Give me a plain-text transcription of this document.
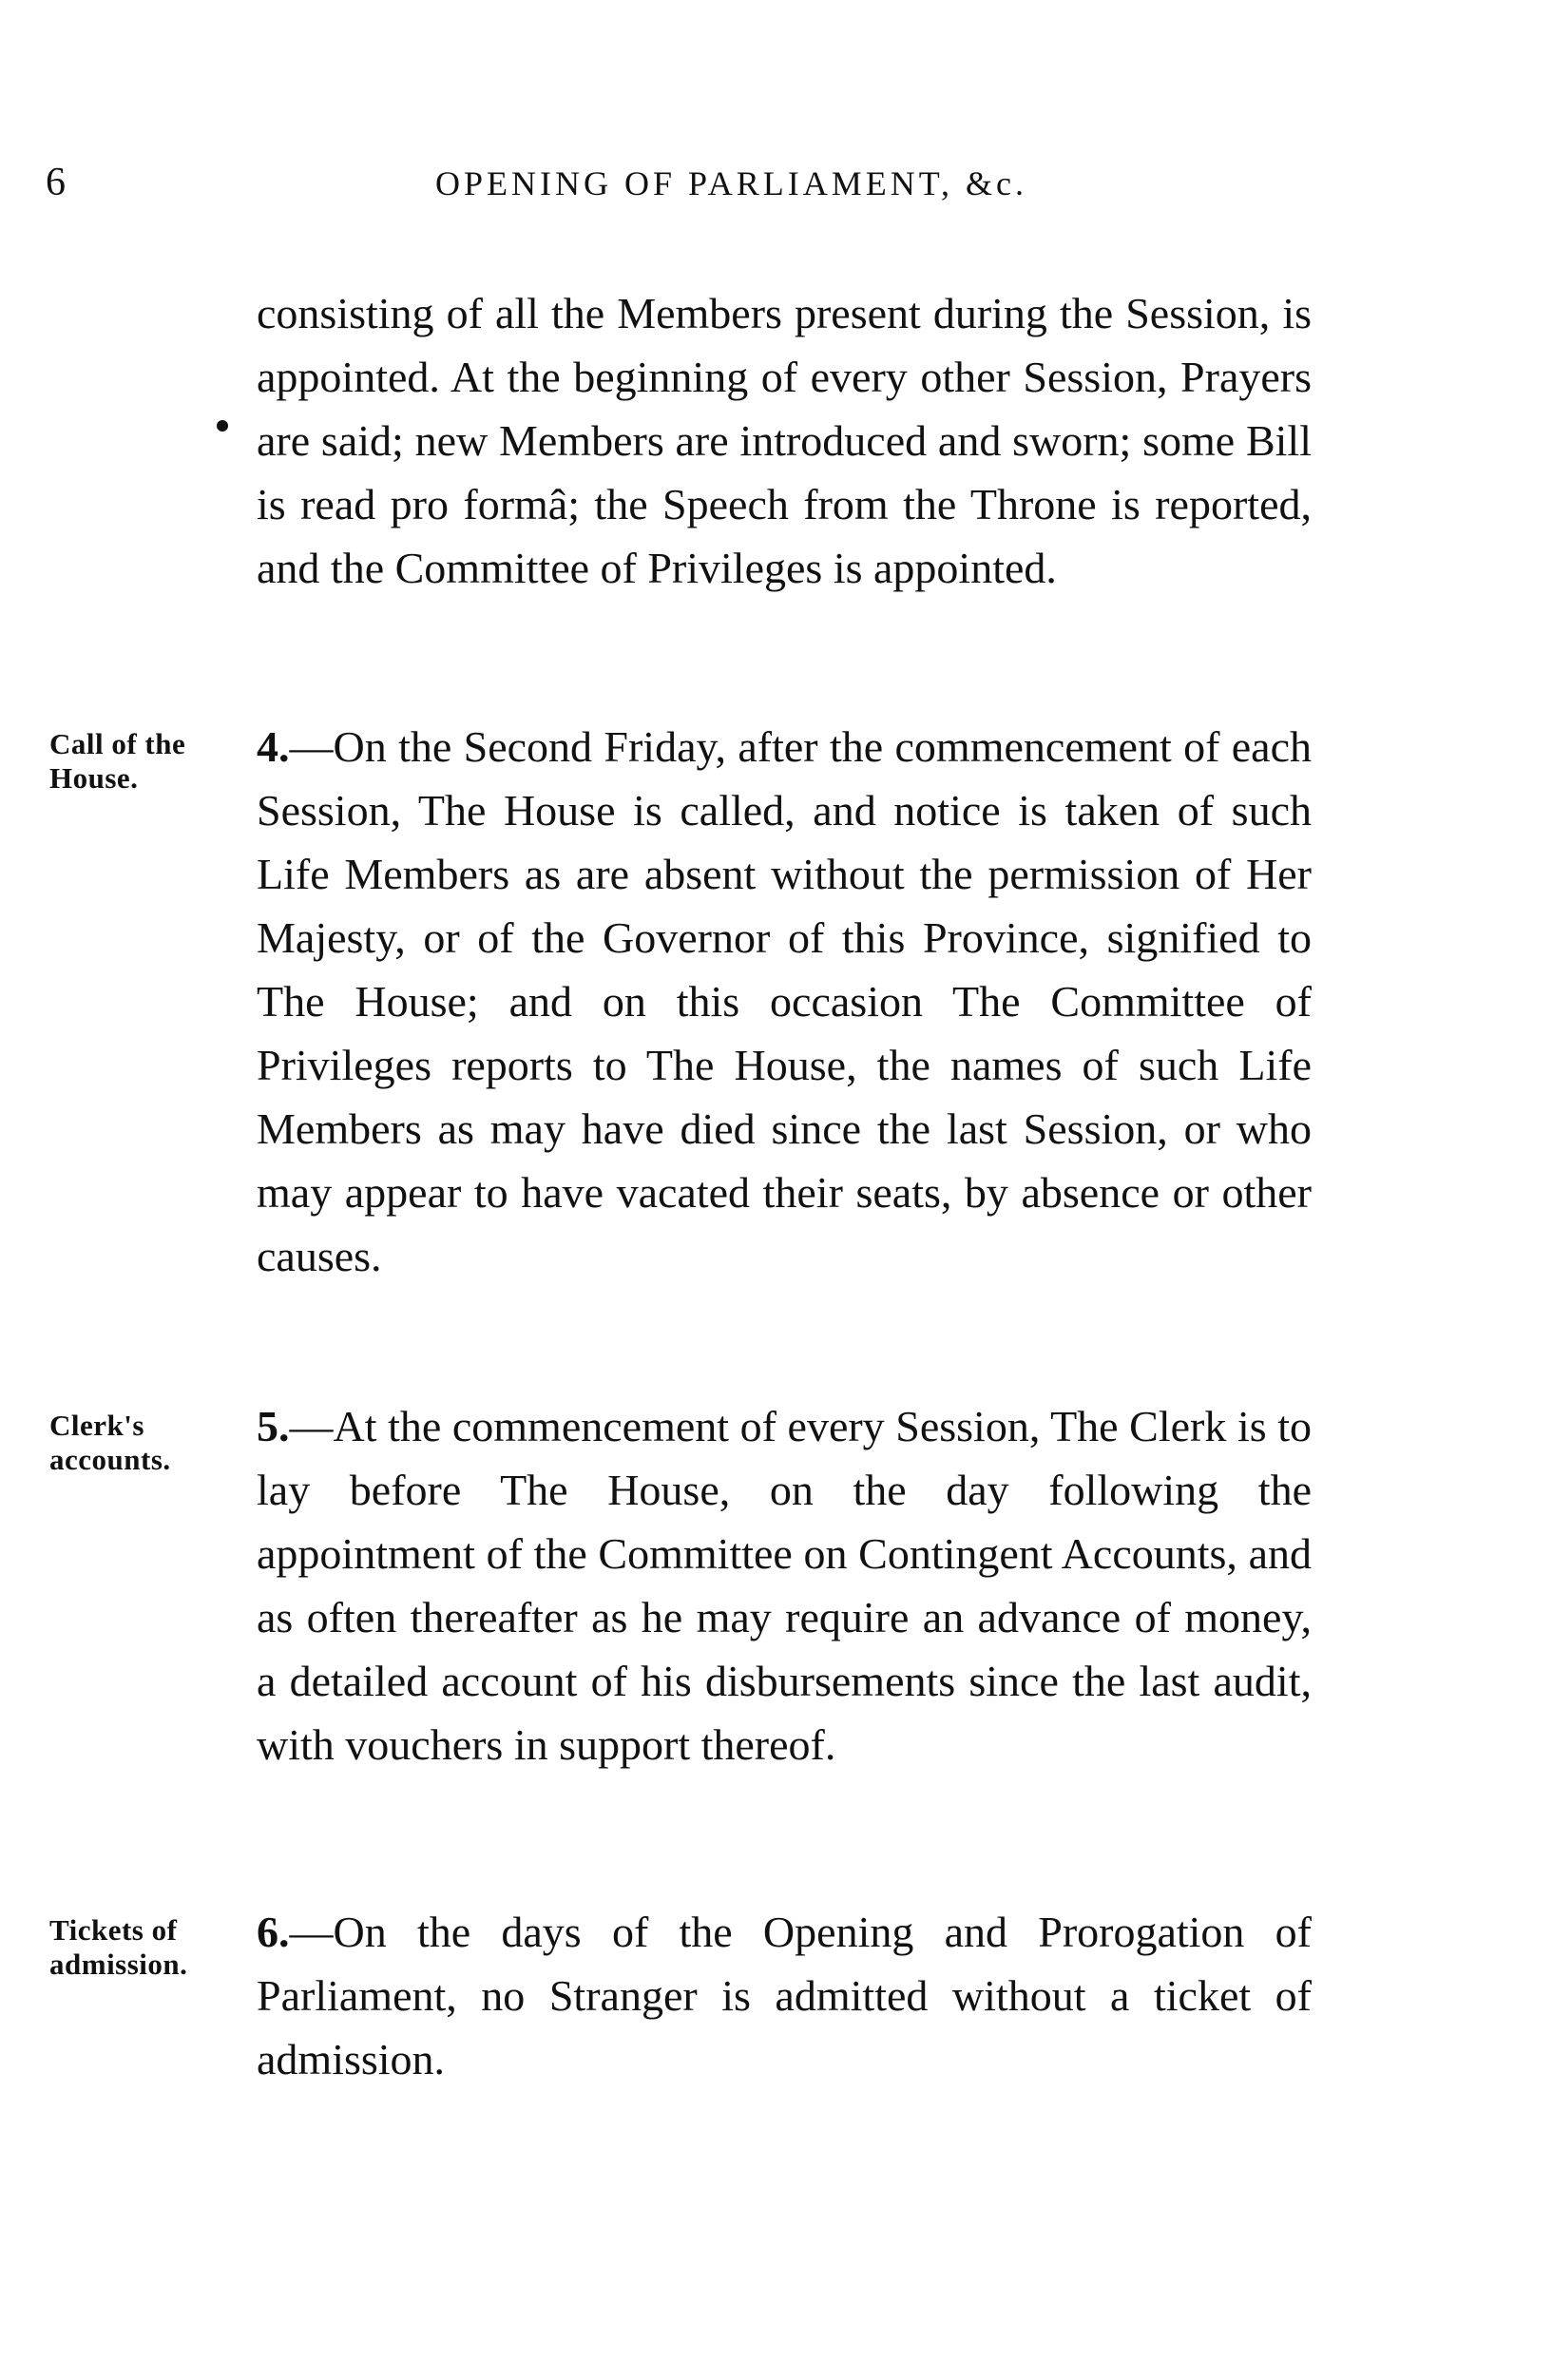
6	OPENING OF PARLIAMENT, &c.

consisting of all the Members present during the Session, is appointed. At the beginning of every other Session, Prayers are said; new Members are introduced and sworn; some Bill is read pro formâ; the Speech from the Throne is reported, and the Committee of Privileges is appointed.

Call of the House.

4.—On the Second Friday, after the commencement of each Session, The House is called, and notice is taken of such Life Members as are absent without the permission of Her Majesty, or of the Governor of this Province, signified to The House; and on this occasion The Committee of Privileges reports to The House, the names of such Life Members as may have died since the last Session, or who may appear to have vacated their seats, by absence or other causes.

Clerk's accounts.

5.—At the commencement of every Session, The Clerk is to lay before The House, on the day following the appointment of the Committee on Contingent Accounts, and as often thereafter as he may require an advance of money, a detailed account of his disbursements since the last audit, with vouchers in support thereof.

Tickets of admission.

6.—On the days of the Opening and Prorogation of Parliament, no Stranger is admitted without a ticket of admission.
